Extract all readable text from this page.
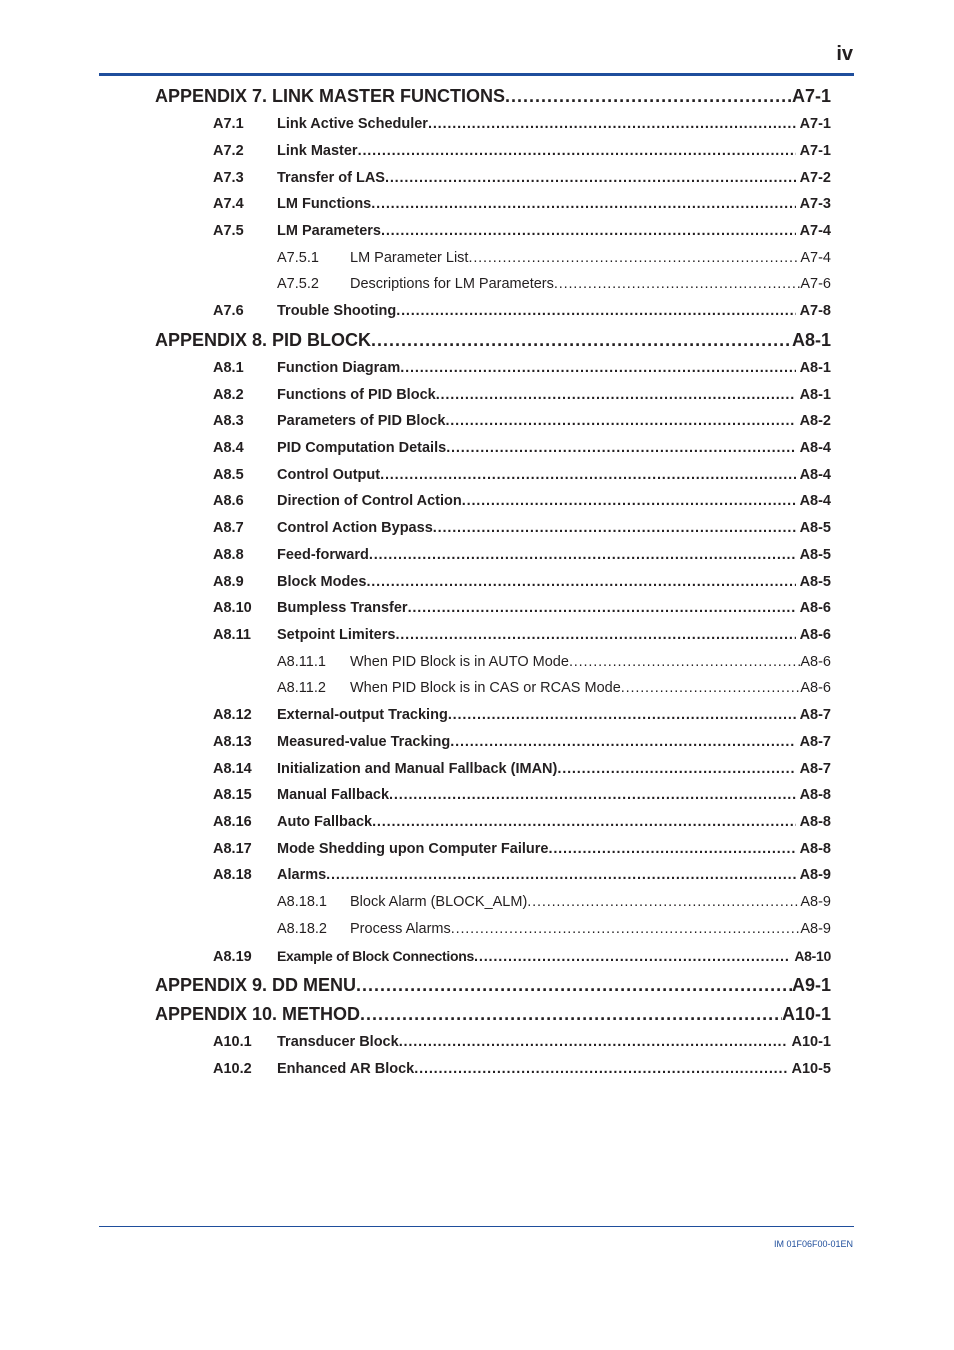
iv
APPENDIX 7. LINK MASTER FUNCTIONS . . .	A7-1
A7.1	Link Active Scheduler . . .	A7-1
A7.2	Link Master . . .	A7-1
A7.3	Transfer of LAS . . .	A7-2
A7.4	LM Functions . . .	A7-3
A7.5	LM Parameters . . .	A7-4
A7.5.1	LM Parameter List . . .	A7-4
A7.5.2	Descriptions for LM Parameters . . .	A7-6
A7.6	Trouble Shooting . . .	A7-8
APPENDIX 8. PID BLOCK . . .	A8-1
A8.1	Function Diagram . . .	A8-1
A8.2	Functions of PID Block . . .	A8-1
A8.3	Parameters of PID Block . . .	A8-2
A8.4	PID Computation Details . . .	A8-4
A8.5	Control Output . . .	A8-4
A8.6	Direction of Control Action . . .	A8-4
A8.7	Control Action Bypass . . .	A8-5
A8.8	Feed-forward . . .	A8-5
A8.9	Block Modes . . .	A8-5
A8.10	Bumpless Transfer . . .	A8-6
A8.11	Setpoint Limiters . . .	A8-6
A8.11.1	When PID Block is in AUTO Mode . . .	A8-6
A8.11.2	When PID Block is in CAS or RCAS Mode . . .	A8-6
A8.12	External-output Tracking . . .	A8-7
A8.13	Measured-value Tracking . . .	A8-7
A8.14	Initialization and Manual Fallback (IMAN) . . .	A8-7
A8.15	Manual Fallback . . .	A8-8
A8.16	Auto Fallback . . .	A8-8
A8.17	Mode Shedding upon Computer Failure . . .	A8-8
A8.18	Alarms . . .	A8-9
A8.18.1	Block Alarm (BLOCK_ALM) . . .	A8-9
A8.18.2	Process Alarms . . .	A8-9
A8.19	Example of Block Connections . . .	A8-10
APPENDIX 9. DD MENU . . .	A9-1
APPENDIX 10. METHOD . . .	A10-1
A10.1	Transducer Block . . .	A10-1
A10.2	Enhanced AR Block . . .	A10-5
IM 01F06F00-01EN
